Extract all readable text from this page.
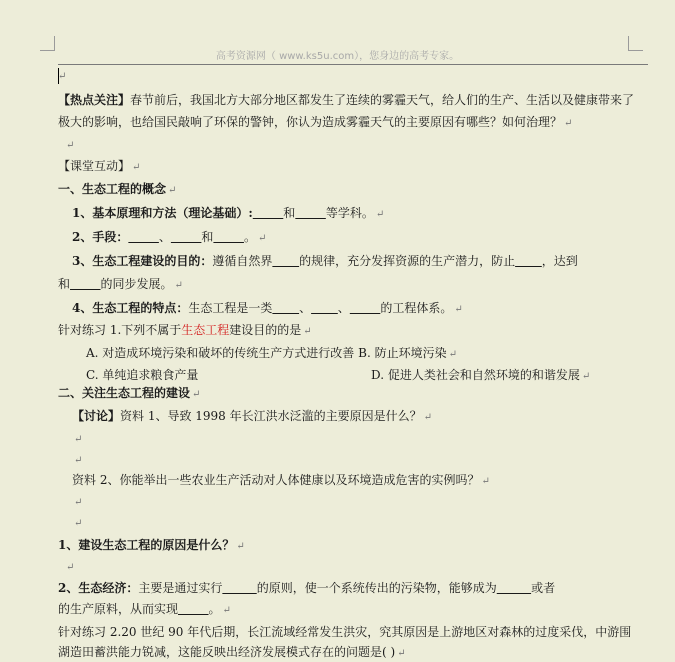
高考资源网（ www.ks5u.com），您身边的高考专家。
↵
【热点关注】春节前后，我国北方大部分地区都发生了连续的雾霾天气，给人们的生产、生活以及健康带来了
极大的影响，也给国民敲响了环保的警钟，你认为造成雾霾天气的主要原因有哪些？如何治理？ ↵
↵
【课堂互动】 ↵
一、生态工程的概念 ↵
1、基本原理和方法（理论基础）:	和	等学科。 ↵
2、手段：	、	和	。 ↵
3、生态工程建设的目的：遵循自然界 的规律，充分发挥资源的生产潜力，防止 ，达到
和	的同步发展。 ↵
4、生态工程的特点：生态工程是一类 、 、	的工程体系。 ↵
针对练习 1.下列不属于生态工程建设目的的是 ↵
A. 对造成环境污染和破坏的传统生产方式进行改善 B. 防止环境污染 ↵
C. 单纯追求粮食产量	D. 促进人类社会和自然环境的和谐发展 ↵
二、关注生态工程的建设 ↵
【讨论】资料 1、导致 1998 年长江洪水泛滥的主要原因是什么？ ↵
↵
↵
资料 2、你能举出一些农业生产活动对人体健康以及环境造成危害的实例吗？ ↵
↵
↵
1、建设生态工程的原因是什么？ ↵
↵
2、生态经济：主要是通过实行	的原则，使一个系统传出的污染物，能够成为	或者
的生产原料，从而实现	。 ↵
针对练习 2.20 世纪 90 年代后期，长江流域经常发生洪灾，究其原因是上游地区对森林的过度采伐，中游围
湖造田蓄洪能力锐减，这能反映出经济发展模式存在的问题是( ) ↵
